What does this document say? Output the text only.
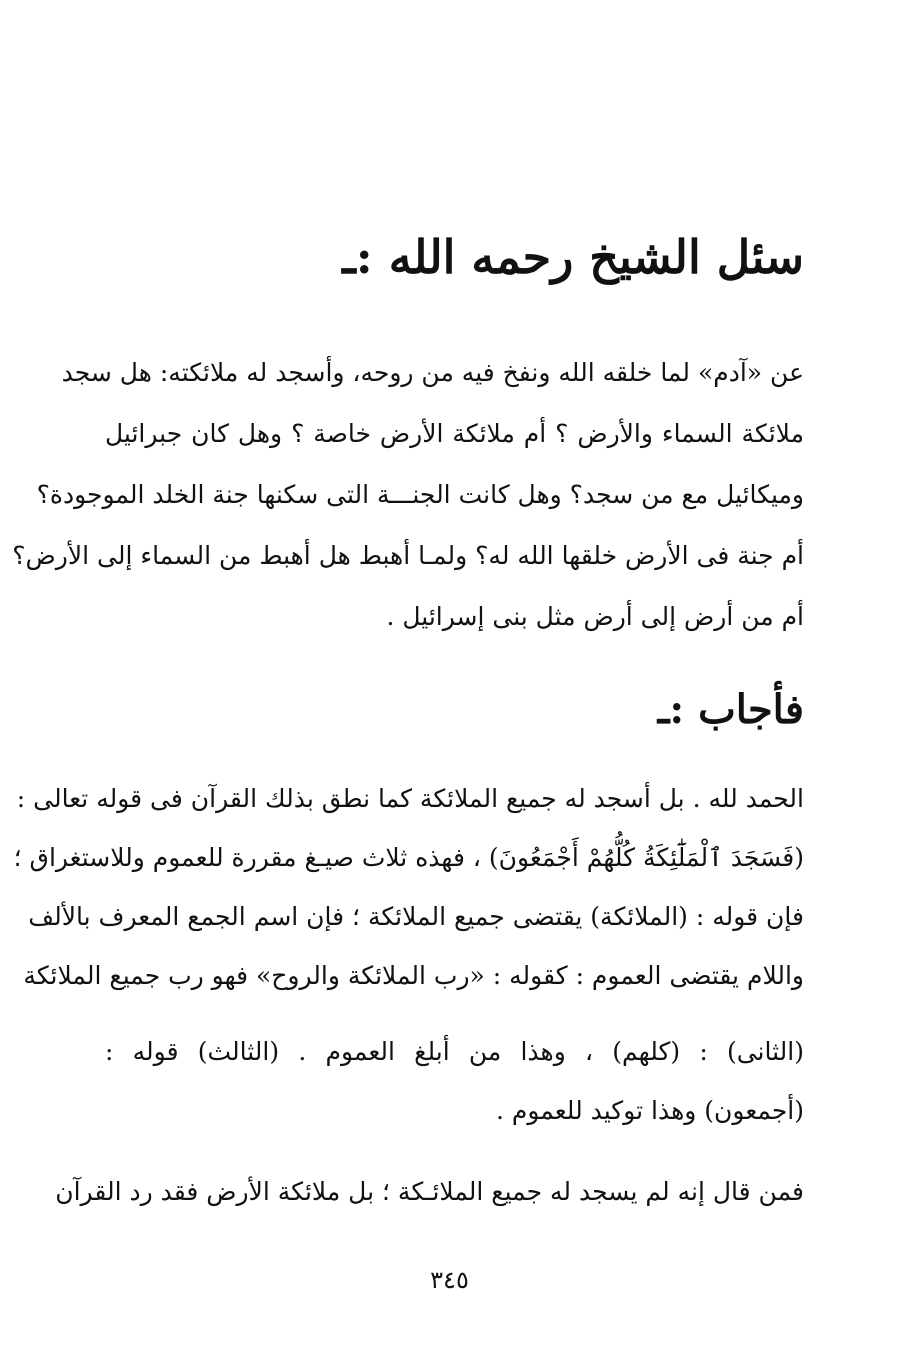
سئل الشيخ رحمه الله :ـ
عن «آدم» لما خلقه الله ونفخ فيه من روحه، وأسجد له ملائكته: هل سجد
ملائكة السماء والأرض ؟ أم ملائكة الأرض خاصة ؟ وهل كان جبرائيل
وميكائيل مع من سجد؟ وهل كانت الجنـــة التى سكنها جنة الخلد الموجودة؟
أم جنة فى الأرض خلقها الله له؟ ولمـا أهبط هل أهبط من السماء إلى الأرض؟
أم من أرض إلى أرض مثل بنى إسرائيل .
فأجاب :ـ
الحمد لله . بل أسجد له جميع الملائكة كما نطق بذلك القرآن فى قوله تعالى :
(فَسَجَدَ ٱلْمَلَٰٓئِكَةُ كُلُّهُمْ أَجْمَعُونَ) ، فهذه ثلاث صيـغ مقررة للعموم وللاستغراق ؛
فإن قوله : (الملائكة) يقتضى جميع الملائكة ؛ فإن اسم الجمع المعرف بالألف
واللام يقتضى العموم : كقوله : «رب الملائكة والروح» فهو رب جميع الملائكة
(الثانى) : (كلهم) ، وهذا من أبلغ العموم . (الثالث) قوله :
(أجمعون) وهذا توكيد للعموم .
فمن قال إنه لم يسجد له جميع الملائـكة ؛ بل ملائكة الأرض فقد رد القرآن
٣٤٥
